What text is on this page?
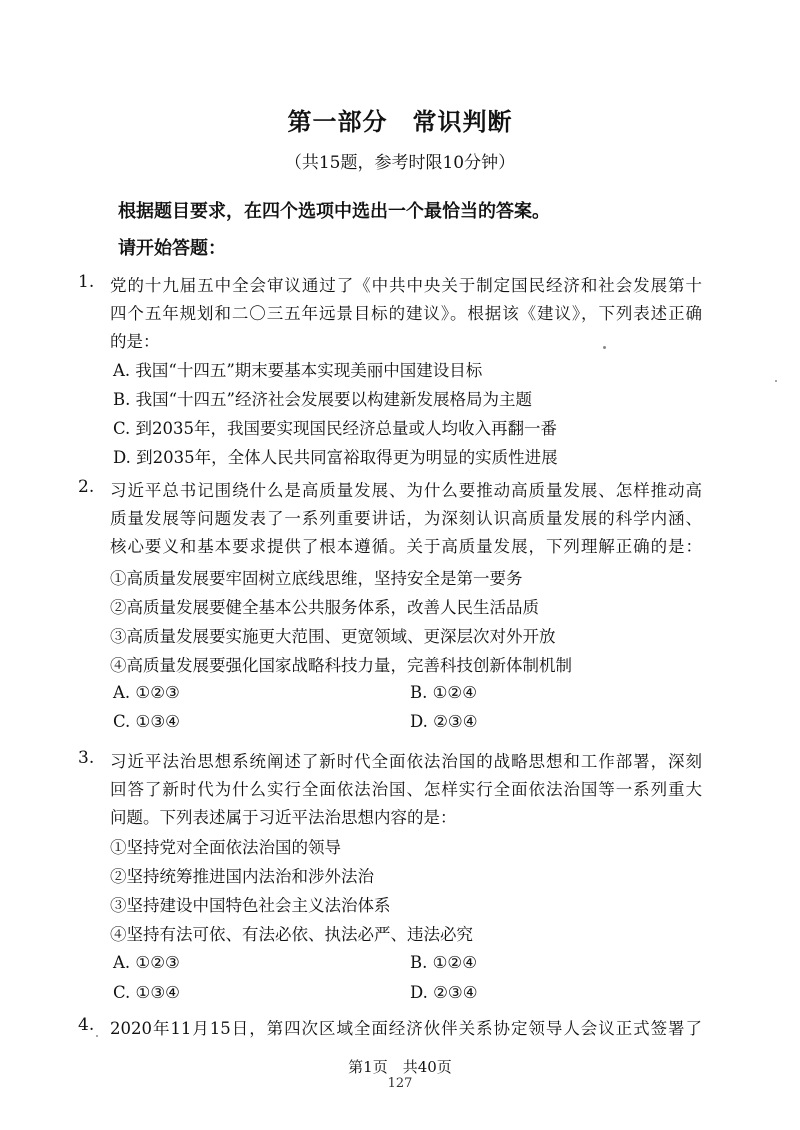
第一部分　常识判断
（共15题，参考时限10分钟）
根据题目要求，在四个选项中选出一个最恰当的答案。
请开始答题：
1. 党的十九届五中全会审议通过了《中共中央关于制定国民经济和社会发展第十
四个五年规划和二〇三五年远景目标的建议》。根据该《建议》，下列表述正确
的是：
A. 我国“十四五”期末要基本实现美丽中国建设目标
B. 我国“十四五”经济社会发展要以构建新发展格局为主题
C. 到2035年，我国要实现国民经济总量或人均收入再翻一番
D. 到2035年，全体人民共同富裕取得更为明显的实质性进展
2. 习近平总书记围绕什么是高质量发展、为什么要推动高质量发展、怎样推动高
质量发展等问题发表了一系列重要讲话，为深刻认识高质量发展的科学内涵、
核心要义和基本要求提供了根本遵循。关于高质量发展，下列理解正确的是：
①高质量发展要牢固树立底线思维，坚持安全是第一要务
②高质量发展要健全基本公共服务体系，改善人民生活品质
③高质量发展要实施更大范围、更宽领域、更深层次对外开放
④高质量发展要强化国家战略科技力量，完善科技创新体制机制
A. ①②③	B. ①②④
C. ①③④	D. ②③④
3. 习近平法治思想系统阐述了新时代全面依法治国的战略思想和工作部署，深刻
回答了新时代为什么实行全面依法治国、怎样实行全面依法治国等一系列重大
问题。下列表述属于习近平法治思想内容的是：
①坚持党对全面依法治国的领导
②坚持统筹推进国内法治和涉外法治
③坚持建设中国特色社会主义法治体系
④坚持有法可依、有法必依、执法必严、违法必究
A. ①②③	B. ①②④
C. ①③④	D. ②③④
4. 2020年11月15日，第四次区域全面经济伙伴关系协定领导人会议正式签署了
第1页　共40页
127
